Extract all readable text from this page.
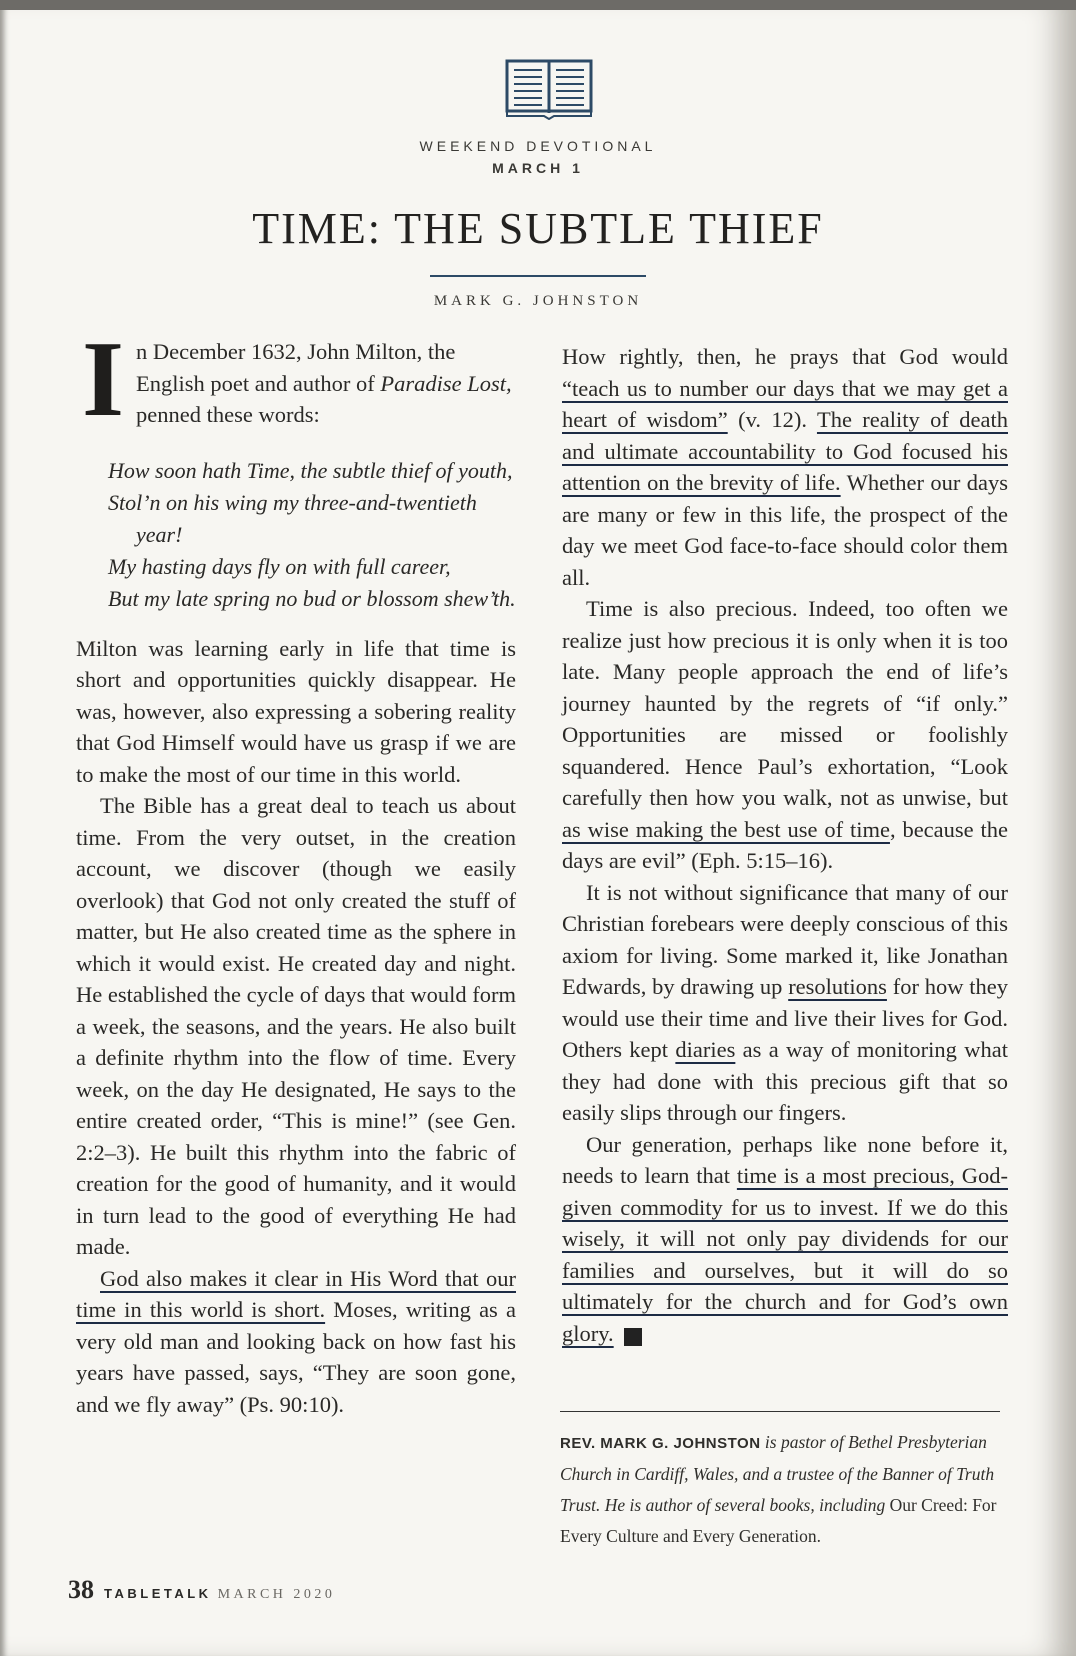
WEEKEND DEVOTIONAL
MARCH 1
TIME: THE SUBTLE THIEF
MARK G. JOHNSTON

In December 1632, John Milton, the English poet and author of Paradise Lost, penned these words:

How soon hath Time, the subtle thief of youth,
Stol’n on his wing my three-and-twentieth year!
My hasting days fly on with full career,
But my late spring no bud or blossom shew’th.

Milton was learning early in life that time is short and opportunities quickly disappear. He was, however, also expressing a sobering reality that God Himself would have us grasp if we are to make the most of our time in this world.

The Bible has a great deal to teach us about time. From the very outset, in the creation account, we discover (though we easily overlook) that God not only created the stuff of matter, but He also created time as the sphere in which it would exist. He created day and night. He established the cycle of days that would form a week, the seasons, and the years. He also built a definite rhythm into the flow of time. Every week, on the day He designated, He says to the entire created order, “This is mine!” (see Gen. 2:2–3). He built this rhythm into the fabric of creation for the good of humanity, and it would in turn lead to the good of everything He had made.

God also makes it clear in His Word that our time in this world is short. Moses, writing as a very old man and looking back on how fast his years have passed, says, “They are soon gone, and we fly away” (Ps. 90:10).

How rightly, then, he prays that God would “teach us to number our days that we may get a heart of wisdom” (v. 12). The reality of death and ultimate accountability to God focused his attention on the brevity of life. Whether our days are many or few in this life, the prospect of the day we meet God face-to-face should color them all.

Time is also precious. Indeed, too often we realize just how precious it is only when it is too late. Many people approach the end of life’s journey haunted by the regrets of “if only.” Opportunities are missed or foolishly squandered. Hence Paul’s exhortation, “Look carefully then how you walk, not as unwise, but as wise making the best use of time, because the days are evil” (Eph. 5:15–16).

It is not without significance that many of our Christian forebears were deeply conscious of this axiom for living. Some marked it, like Jonathan Edwards, by drawing up resolutions for how they would use their time and live their lives for God. Others kept diaries as a way of monitoring what they had done with this precious gift that so easily slips through our fingers.

Our generation, perhaps like none before it, needs to learn that time is a most precious, God-given commodity for us to invest. If we do this wisely, it will not only pay dividends for our families and ourselves, but it will do so ultimately for the church and for God’s own glory. T

REV. MARK G. JOHNSTON is pastor of Bethel Presbyterian Church in Cardiff, Wales, and a trustee of the Banner of Truth Trust. He is author of several books, including Our Creed: For Every Culture and Every Generation.
38 TABLETALK MARCH 2020
